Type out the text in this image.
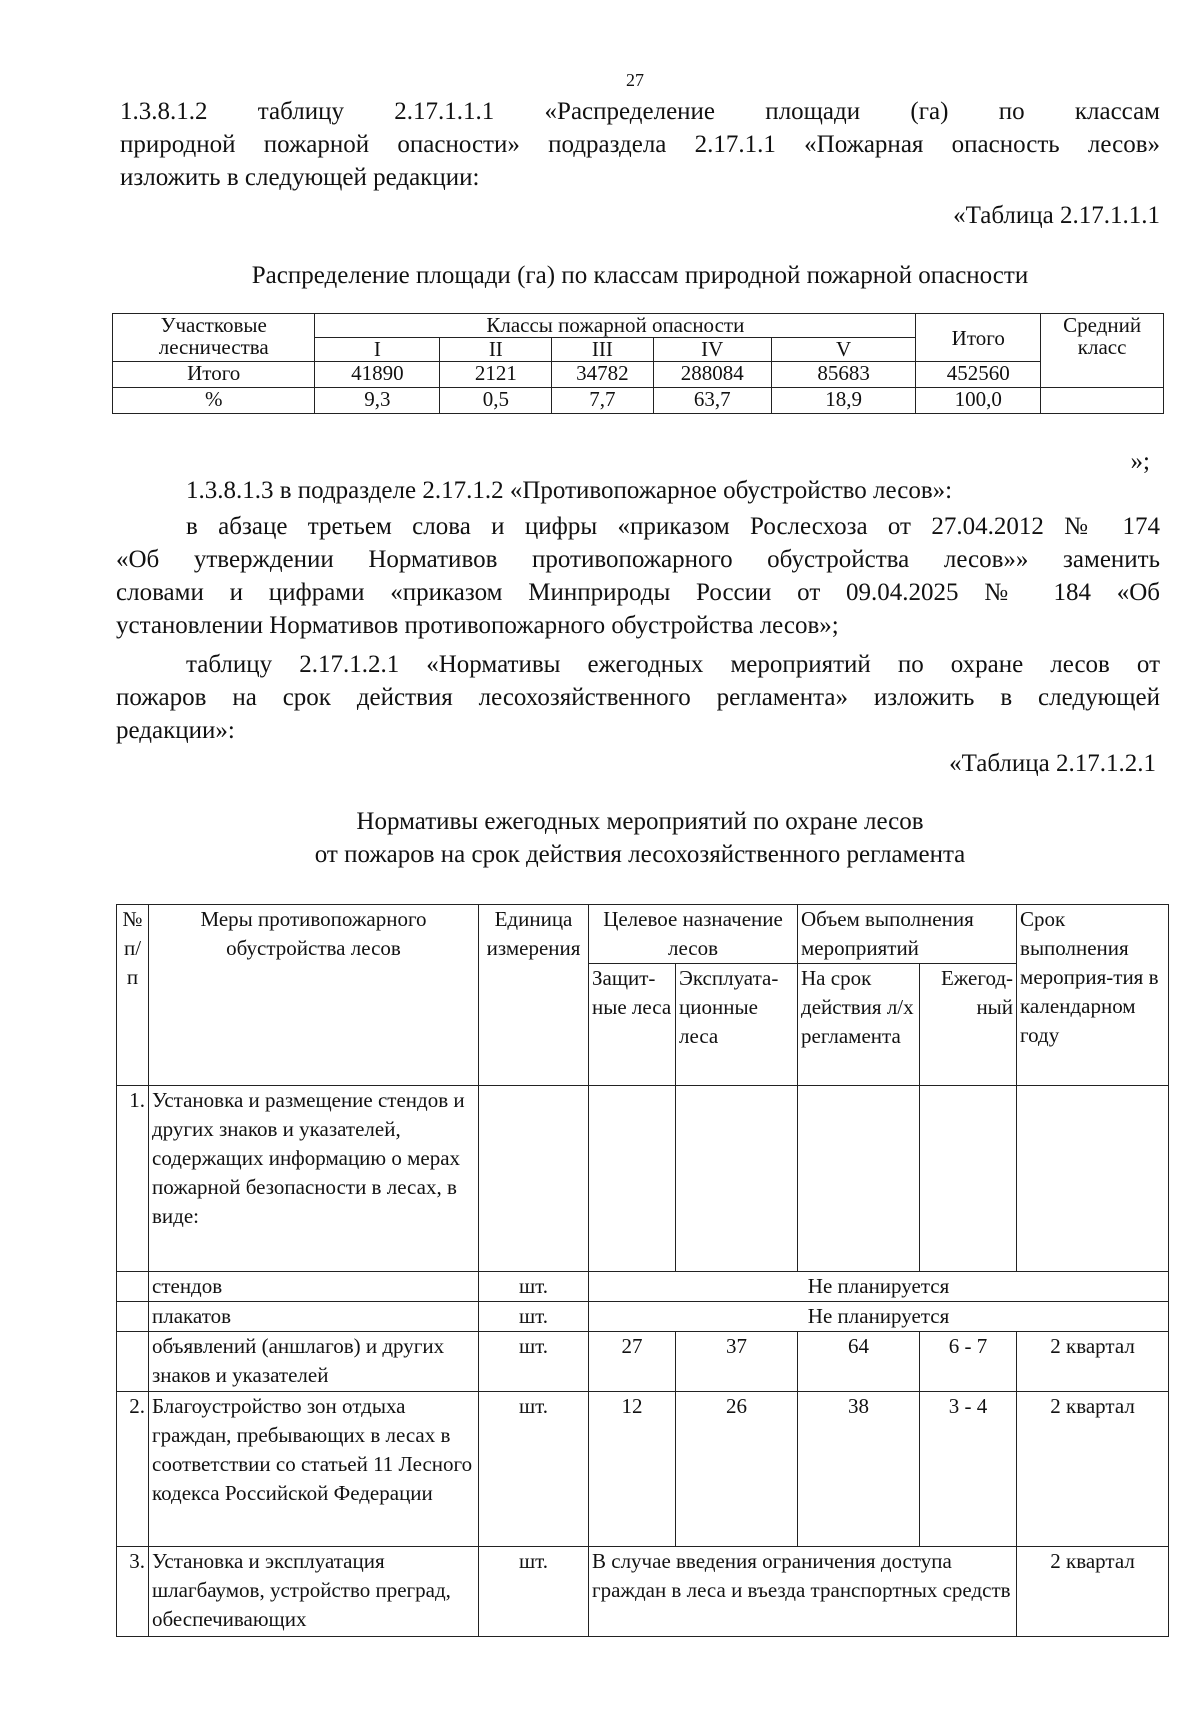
27
1.3.8.1.2 таблицу 2.17.1.1.1 «Распределение площади (га) по классам
природной пожарной опасности» подраздела 2.17.1.1 «Пожарная опасность лесов»
изложить в следующей редакции:
«Таблица 2.17.1.1.1
Распределение площади (га) по классам природной пожарной опасности
Участковые лесничества	Классы пожарной опасности					Итого	Средний класс
	I	II	III	IV	V		
Итого	41890	2121	34782	288084	85683	452560	
%	9,3	0,5	7,7	63,7	18,9	100,0	
»;
1.3.8.1.3 в подразделе 2.17.1.2 «Противопожарное обустройство лесов»:
в абзаце третьем слова и цифры «приказом Рослесхоза от 27.04.2012 № 174
«Об утверждении Нормативов противопожарного обустройства лесов»» заменить
словами и цифрами «приказом Минприроды России от 09.04.2025 № 184 «Об
установлении Нормативов противопожарного обустройства лесов»;
таблицу 2.17.1.2.1 «Нормативы ежегодных мероприятий по охране лесов от
пожаров на срок действия лесохозяйственного регламента» изложить в следующей
редакции»:
«Таблица 2.17.1.2.1
Нормативы ежегодных мероприятий по охране лесов
от пожаров на срок действия лесохозяйственного регламента
№ п/п	Меры противопожарного обустройства лесов	Единица измерения	Целевое назначение лесов		Объем выполнения мероприятий		Срок выполнения мероприя-тия в календарном году
			Защит-ные леса	Эксплуата-ционные леса	На срок действия л/х регламента	Ежегод-ный	
1.	Установка и размещение стендов и других знаков и указателей, содержащих информацию о мерах пожарной безопасности в лесах, в виде:						
	стендов	шт.	Не планируется				
	плакатов	шт.	Не планируется				
	объявлений (аншлагов) и других знаков и указателей	шт.	27	37	64	6 - 7	2 квартал
2.	Благоустройство зон отдыха граждан, пребывающих в лесах в соответствии со статьей 11 Лесного кодекса Российской Федерации	шт.	12	26	38	3 - 4	2 квартал
3.	Установка и эксплуатация шлагбаумов, устройство преград, обеспечивающих	шт.	В случае введения ограничения доступа граждан в леса и въезда транспортных средств				2 квартал
